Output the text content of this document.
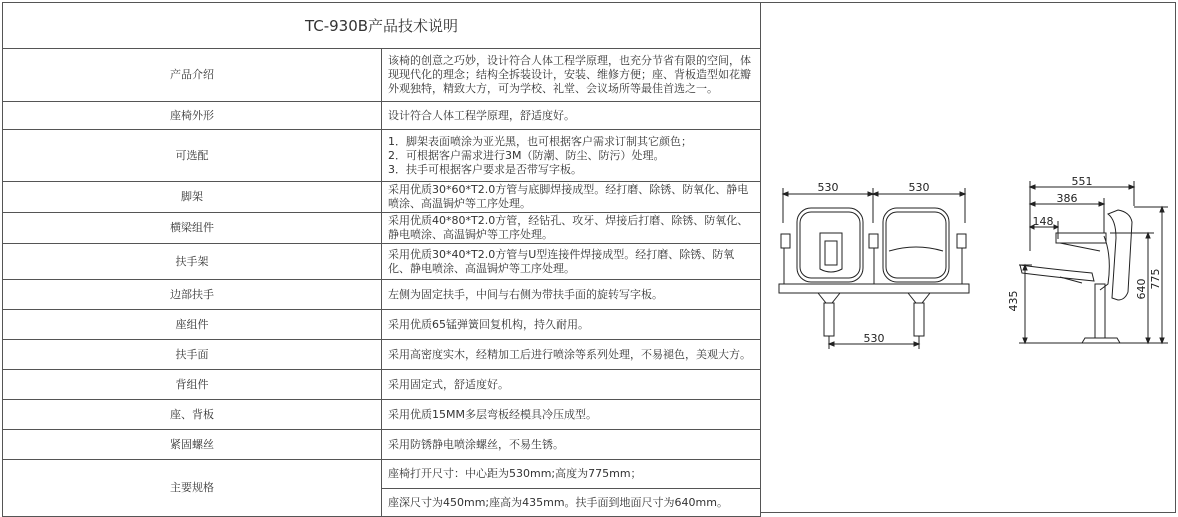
TC-930B产品技术说明	
产品介绍	该椅的创意之巧妙，设计符合人体工程学原理，也充分节省有限的空间，体现现代化的理念；结构全拆装设计，安装、维修方便；座、背板造型如花瓣外观独特，精致大方，可为学校、礼堂、会议场所等最佳首选之一。
座椅外形	设计符合人体工程学原理，舒适度好。
可选配	1．脚架表面喷涂为亚光黑，也可根据客户需求订制其它颜色；
2．可根据客户需求进行3M（防潮、防尘、防污）处理。
3．扶手可根据客户要求是否带写字板。

脚架	采用优质30*60*T2.0方管与底脚焊接成型。经打磨、除锈、防氧化、静电喷涂、高温锔炉等工序处理。
横梁组件	采用优质40*80*T2.0方管，经钻孔、攻牙、焊接后打磨、除锈、防氧化、静电喷涂、高温锔炉等工序处理。
扶手架	采用优质30*40*T2.0方管与U型连接件焊接成型。经打磨、除锈、防氧化、静电喷涂、高温锔炉等工序处理。
边部扶手	左侧为固定扶手，中间与右侧为带扶手面的旋转写字板。
座组件	采用优质65锰弹簧回复机构，持久耐用。
扶手面	采用高密度实木，经精加工后进行喷涂等系列处理，不易褪色，美观大方。
背组件	采用固定式，舒适度好。
座、背板	采用优质15MM多层弯板经模具冷压成型。
紧固螺丝	采用防锈静电喷涂螺丝，不易生锈。
主要规格	座椅打开尺寸：中心距为530mm;高度为775mm；
	座深尺寸为450mm;座高为435mm。扶手面到地面尺寸为640mm。
530	530
530
551
386
148
435
640 775
